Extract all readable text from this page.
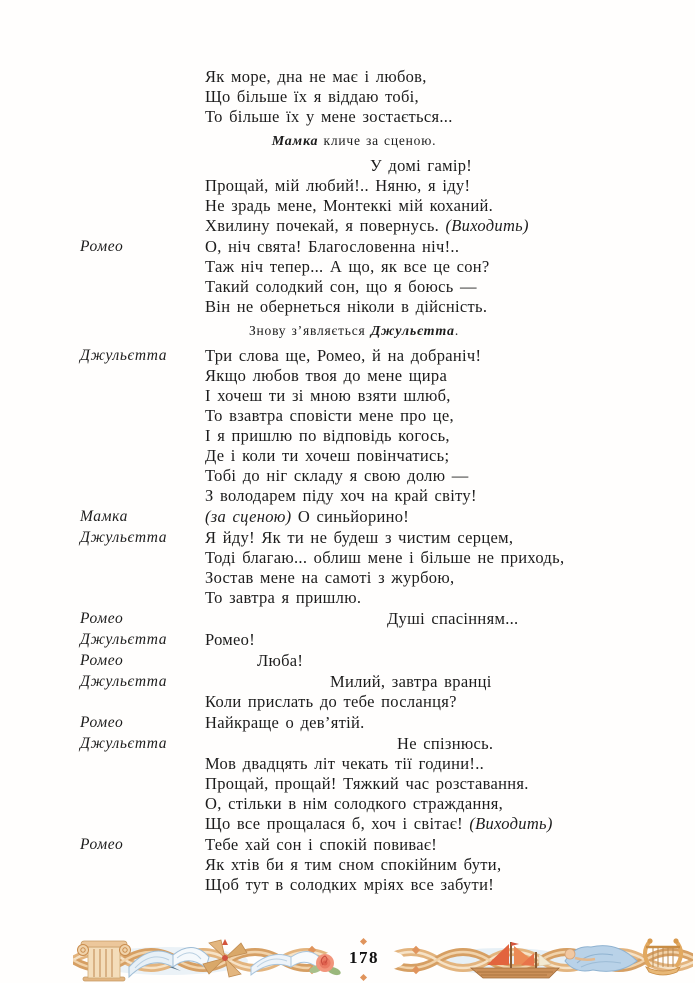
Як море, дна не має і любов,
Що більше їх я віддаю тобі,
То більше їх у мене зостається...
Мамка кличе за сценою.
У домі гамір!
Прощай, мій любий!.. Няню, я іду!
Не зрадь мене, Монтеккі мій коханий.
Хвилину почекай, я повернусь. (Виходить)
Ромео	О, ніч свята! Благословенна ніч!..
Таж ніч тепер... А що, як все це сон?
Такий солодкий сон, що я боюсь —
Він не обернеться ніколи в дійсність.
Знову з’являється Джульєтта.
Джульєтта	Три слова ще, Ромео, й на добраніч!
Якщо любов твоя до мене щира
І хочеш ти зі мною взяти шлюб,
То взавтра сповісти мене про це,
І я пришлю по відповідь когось,
Де і коли ти хочеш повінчатись;
Тобі до ніг складу я свою долю —
З володарем піду хоч на край світу!
Мамка	(за сценою) О синьйорино!
Джульєтта	Я йду! Як ти не будеш з чистим серцем,
Тоді благаю... облиш мене і більше не приходь,
Зостав мене на самоті з журбою,
То завтра я пришлю.
Ромео	Душі спасінням...
Джульєтта	Ромео!
Ромео	Люба!
Джульєтта	Милий, завтра вранці
Коли прислать до тебе посланця?
Ромео	Найкраще о дев’ятій.
Джульєтта	Не спізнюсь.
Мов двадцять літ чекать тії години!..
Прощай, прощай! Тяжкий час розставання.
О, стільки в нім солодкого страждання,
Що все прощалася б, хоч і світає! (Виходить)
Ромео	Тебе хай сон і спокій повиває!
Як хтів би я тим сном спокійним бути,
Щоб тут в солодких мріях все забути!
178
